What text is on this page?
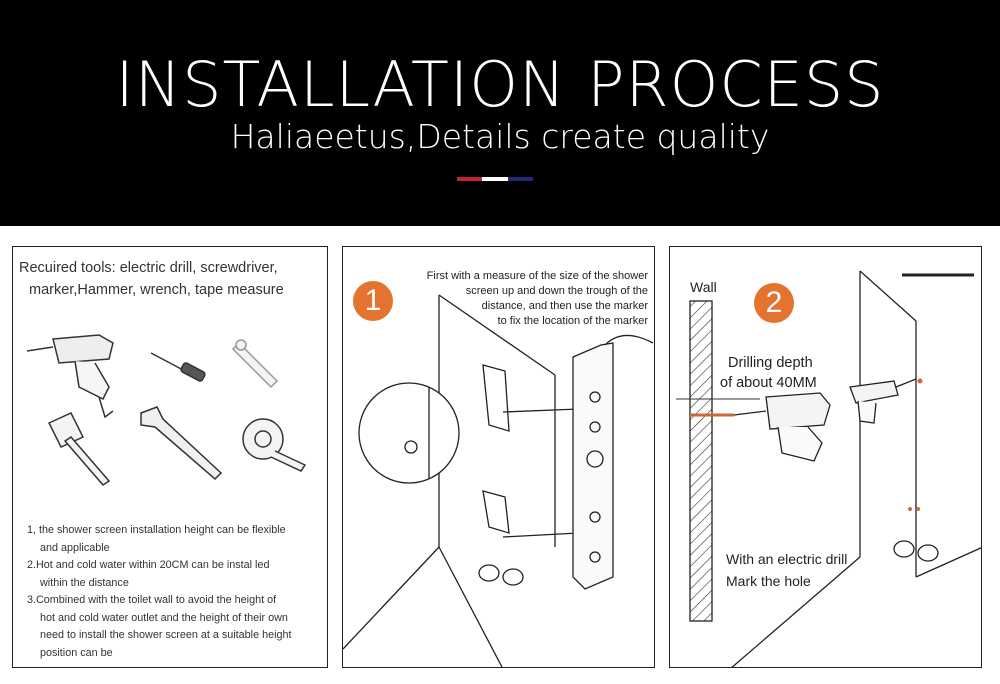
INSTALLATION PROCESS
Haliaeetus,Details create quality
Recuired tools: electric drill, screwdriver,
marker,Hammer, wrench, tape measure
1, the shower screen installation height can be flexible
and applicable
2.Hot and cold water within 20CM can be instal led
within the distance
3.Combined with the toilet wall to avoid the height of
hot and cold water outlet and the height of their own
need to install the shower screen at a suitable height
position can be
1
First with a measure of the size of the shower
screen up and down the trough of the
distance, and then use the marker
to fix the location of the marker
Wall	2
Drilling depth
of about 40MM
With an electric drill
Mark the hole
